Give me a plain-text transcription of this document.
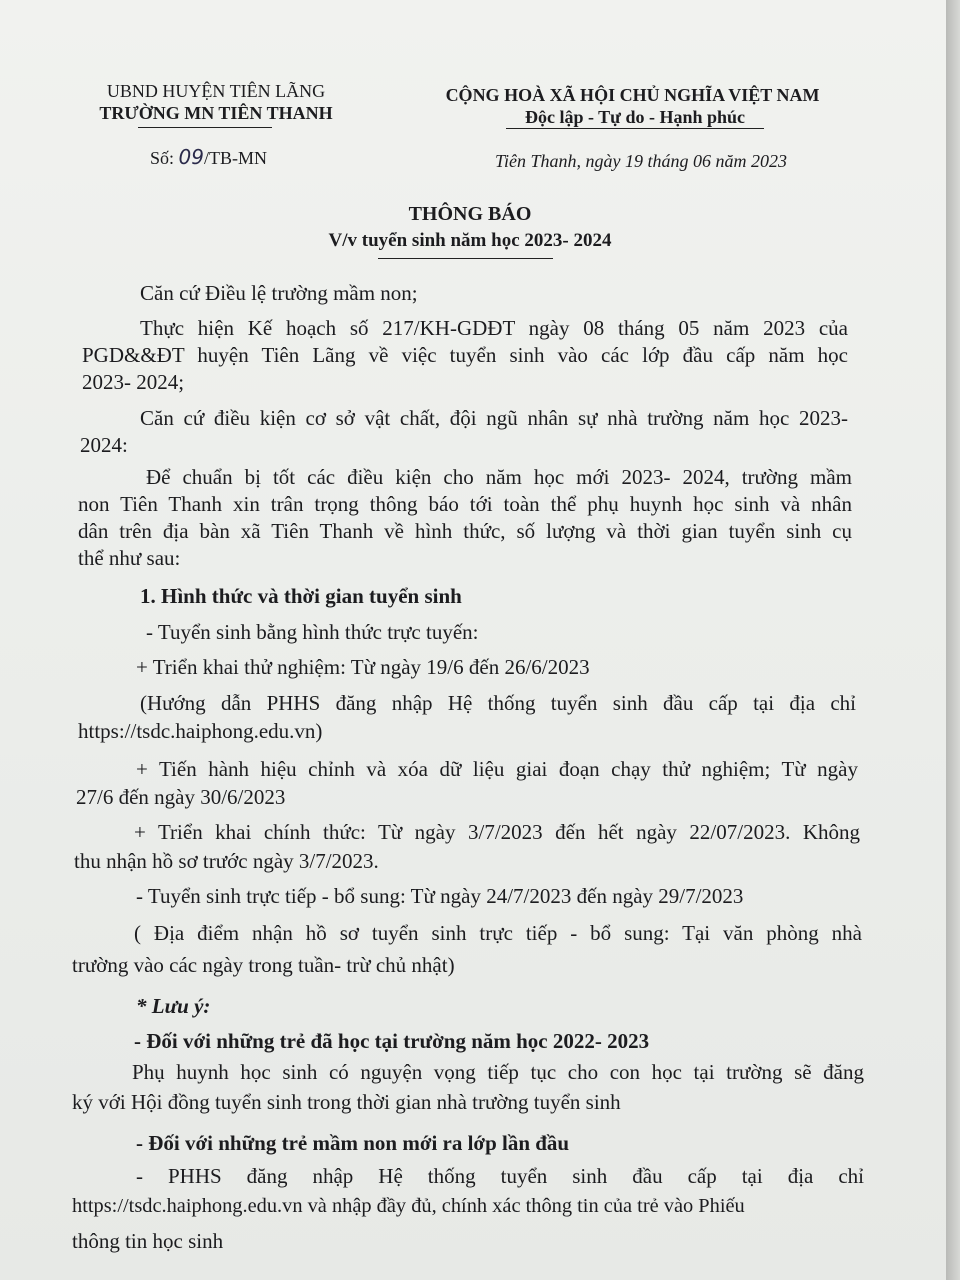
UBND HUYỆN TIÊN LÃNG
TRƯỜNG MN TIÊN THANH
Số: 09/TB-MN
CỘNG HOÀ XÃ HỘI CHỦ NGHĨA VIỆT NAM
Độc lập - Tự do - Hạnh phúc
Tiên Thanh, ngày 19 tháng 06 năm 2023
THÔNG BÁO
V/v tuyển sinh năm học 2023- 2024
Căn cứ Điều lệ trường mầm non;
Thực hiện Kế hoạch số 217/KH-GDĐT ngày 08 tháng 05 năm 2023 của
PGD&&ĐT huyện Tiên Lãng về việc tuyển sinh vào các lớp đầu cấp năm học
2023- 2024;
Căn cứ điều kiện cơ sở vật chất, đội ngũ nhân sự nhà trường năm học 2023-
2024:
Để chuẩn bị tốt các điều kiện cho năm học mới 2023- 2024, trường mầm
non Tiên Thanh xin trân trọng thông báo tới toàn thể phụ huynh học sinh và nhân
dân trên địa bàn xã Tiên Thanh về hình thức, số lượng và thời gian tuyển sinh cụ
thể như sau:
1. Hình thức và thời gian tuyển sinh
- Tuyển sinh bằng hình thức trực tuyến:
+ Triển khai thử nghiệm: Từ ngày 19/6 đến 26/6/2023
(Hướng dẫn PHHS đăng nhập Hệ thống tuyển sinh đầu cấp tại địa chỉ
https://tsdc.haiphong.edu.vn)
+ Tiến hành hiệu chỉnh và xóa dữ liệu giai đoạn chạy thử nghiệm; Từ ngày
27/6 đến ngày 30/6/2023
+ Triển khai chính thức: Từ ngày 3/7/2023 đến hết ngày 22/07/2023. Không
thu nhận hồ sơ trước ngày 3/7/2023.
- Tuyển sinh trực tiếp - bổ sung: Từ ngày 24/7/2023 đến ngày 29/7/2023
( Địa điểm nhận hồ sơ tuyển sinh trực tiếp - bổ sung: Tại văn phòng nhà
trường vào các ngày trong tuần- trừ chủ nhật)
* Lưu ý:
- Đối với những trẻ đã học tại trường năm học 2022- 2023
Phụ huynh học sinh có nguyện vọng tiếp tục cho con học tại trường sẽ đăng
ký với Hội đồng tuyển sinh trong thời gian nhà trường tuyển sinh
- Đối với những trẻ mầm non mới ra lớp lần đầu
- PHHS đăng nhập Hệ thống tuyển sinh đầu cấp tại địa chỉ
https://tsdc.haiphong.edu.vn và nhập đầy đủ, chính xác thông tin của trẻ vào Phiếu
thông tin học sinh
